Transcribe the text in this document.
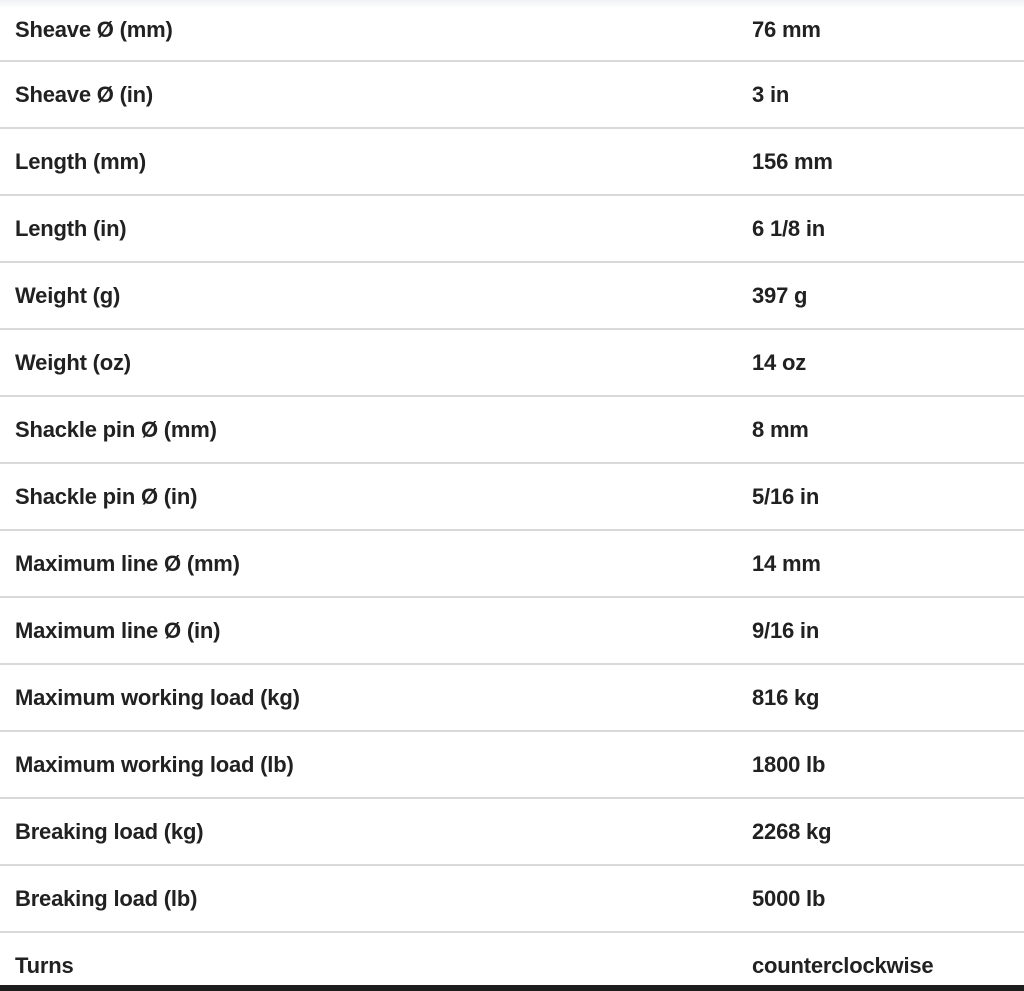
Sheave Ø (mm)	76 mm
Sheave Ø (in)	3 in
Length (mm)	156 mm
Length (in)	6 1/8 in
Weight (g)	397 g
Weight (oz)	14 oz
Shackle pin Ø (mm)	8 mm
Shackle pin Ø (in)	5/16 in
Maximum line Ø (mm)	14 mm
Maximum line Ø (in)	9/16 in
Maximum working load (kg)	816 kg
Maximum working load (lb)	1800 lb
Breaking load (kg)	2268 kg
Breaking load (lb)	5000 lb
Turns	counterclockwise
